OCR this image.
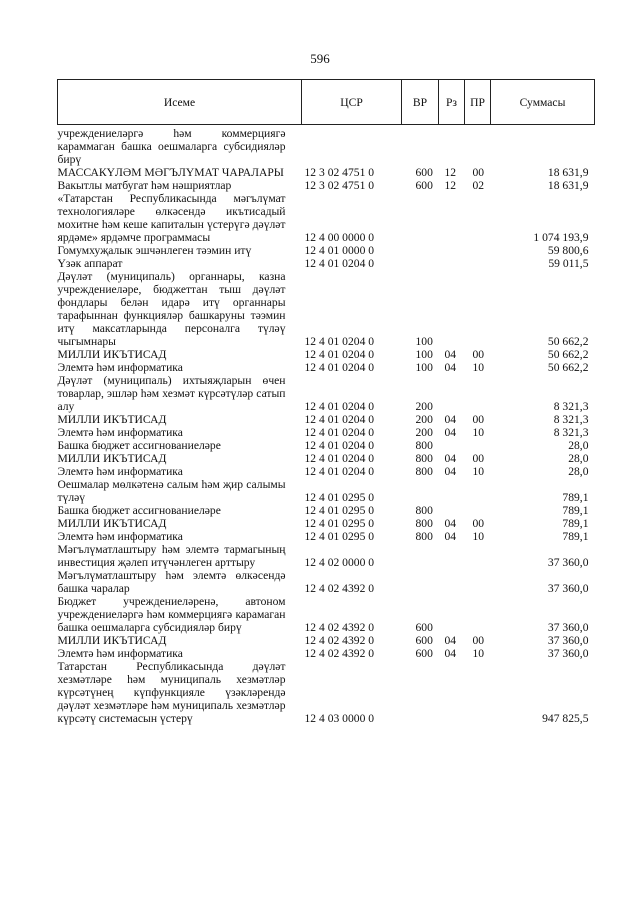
596
Исеме	ЦСР	ВР	Рз	ПР	Суммасы
учреждениеләргә һәм коммерциягә караммаган башка оешмаларга субсидияләр бирү					
МАССАКҮЛӘМ МӘГЪЛҮМАТ ЧАРАЛАРЫ	12 3 02 4751 0	600	12	00	18 631,9
Вакытлы матбугат һәм нәшриятлар	12 3 02 4751 0	600	12	02	18 631,9
«Татарстан Республикасында мәгълүмат технологияләре өлкәсендә икътисадый мохитне һәм кеше капиталын үстерүгә дәүләт ярдәме» ярдәмче программасы	12 4 00 0000 0				1 074 193,9
Гомумхуҗалык эшчәнлеген тәэмин итү	12 4 01 0000 0				59 800,6
Үзәк аппарат	12 4 01 0204 0				59 011,5
Дәүләт (муниципаль) органнары, казна учреждениеләре, бюджеттан тыш дәүләт фондлары белән идарә итү органнары тарафыннан функцияләр башкаруны тәэмин итү максатларында персоналга түләү чыгымнары	12 4 01 0204 0	100			50 662,2
МИЛЛИ ИКЪТИСАД	12 4 01 0204 0	100	04	00	50 662,2
Элемтә һәм информатика	12 4 01 0204 0	100	04	10	50 662,2
Дәүләт (муниципаль) ихтыяҗларын өчен товарлар, эшләр һәм хезмәт күрсәтүләр сатып алу	12 4 01 0204 0	200			8 321,3
МИЛЛИ ИКЪТИСАД	12 4 01 0204 0	200	04	00	8 321,3
Элемтә һәм информатика	12 4 01 0204 0	200	04	10	8 321,3
Башка бюджет ассигнованиеләре	12 4 01 0204 0	800			28,0
МИЛЛИ ИКЪТИСАД	12 4 01 0204 0	800	04	00	28,0
Элемтә һәм информатика	12 4 01 0204 0	800	04	10	28,0
Оешмалар мөлкәтенә салым һәм җир салымы түләү	12 4 01 0295 0				789,1
Башка бюджет ассигнованиеләре	12 4 01 0295 0	800			789,1
МИЛЛИ ИКЪТИСАД	12 4 01 0295 0	800	04	00	789,1
Элемтә һәм информатика	12 4 01 0295 0	800	04	10	789,1
Мәгълүматлаштыру һәм элемтә тармагының инвестиция җәлеп итүчәнлеген арттыру	12 4 02 0000 0				37 360,0
Мәгълүматлаштыру һәм элемтә өлкәсендә башка чаралар	12 4 02 4392 0				37 360,0
Бюджет учреждениеләренә, автоном учреждениеләргә һәм коммерциягә карамаган башка оешмаларга субсидияләр бирү	12 4 02 4392 0	600			37 360,0
МИЛЛИ ИКЪТИСАД	12 4 02 4392 0	600	04	00	37 360,0
Элемтә һәм информатика	12 4 02 4392 0	600	04	10	37 360,0
Татарстан Республикасында дәүләт хезмәтләре һәм муниципаль хезмәтләр күрсәтүнең күпфункцияле үзәкләрендә дәүләт хезмәтләре һәм муниципаль хезмәтләр күрсәтү системасын үстерү	12 4 03 0000 0				947 825,5
